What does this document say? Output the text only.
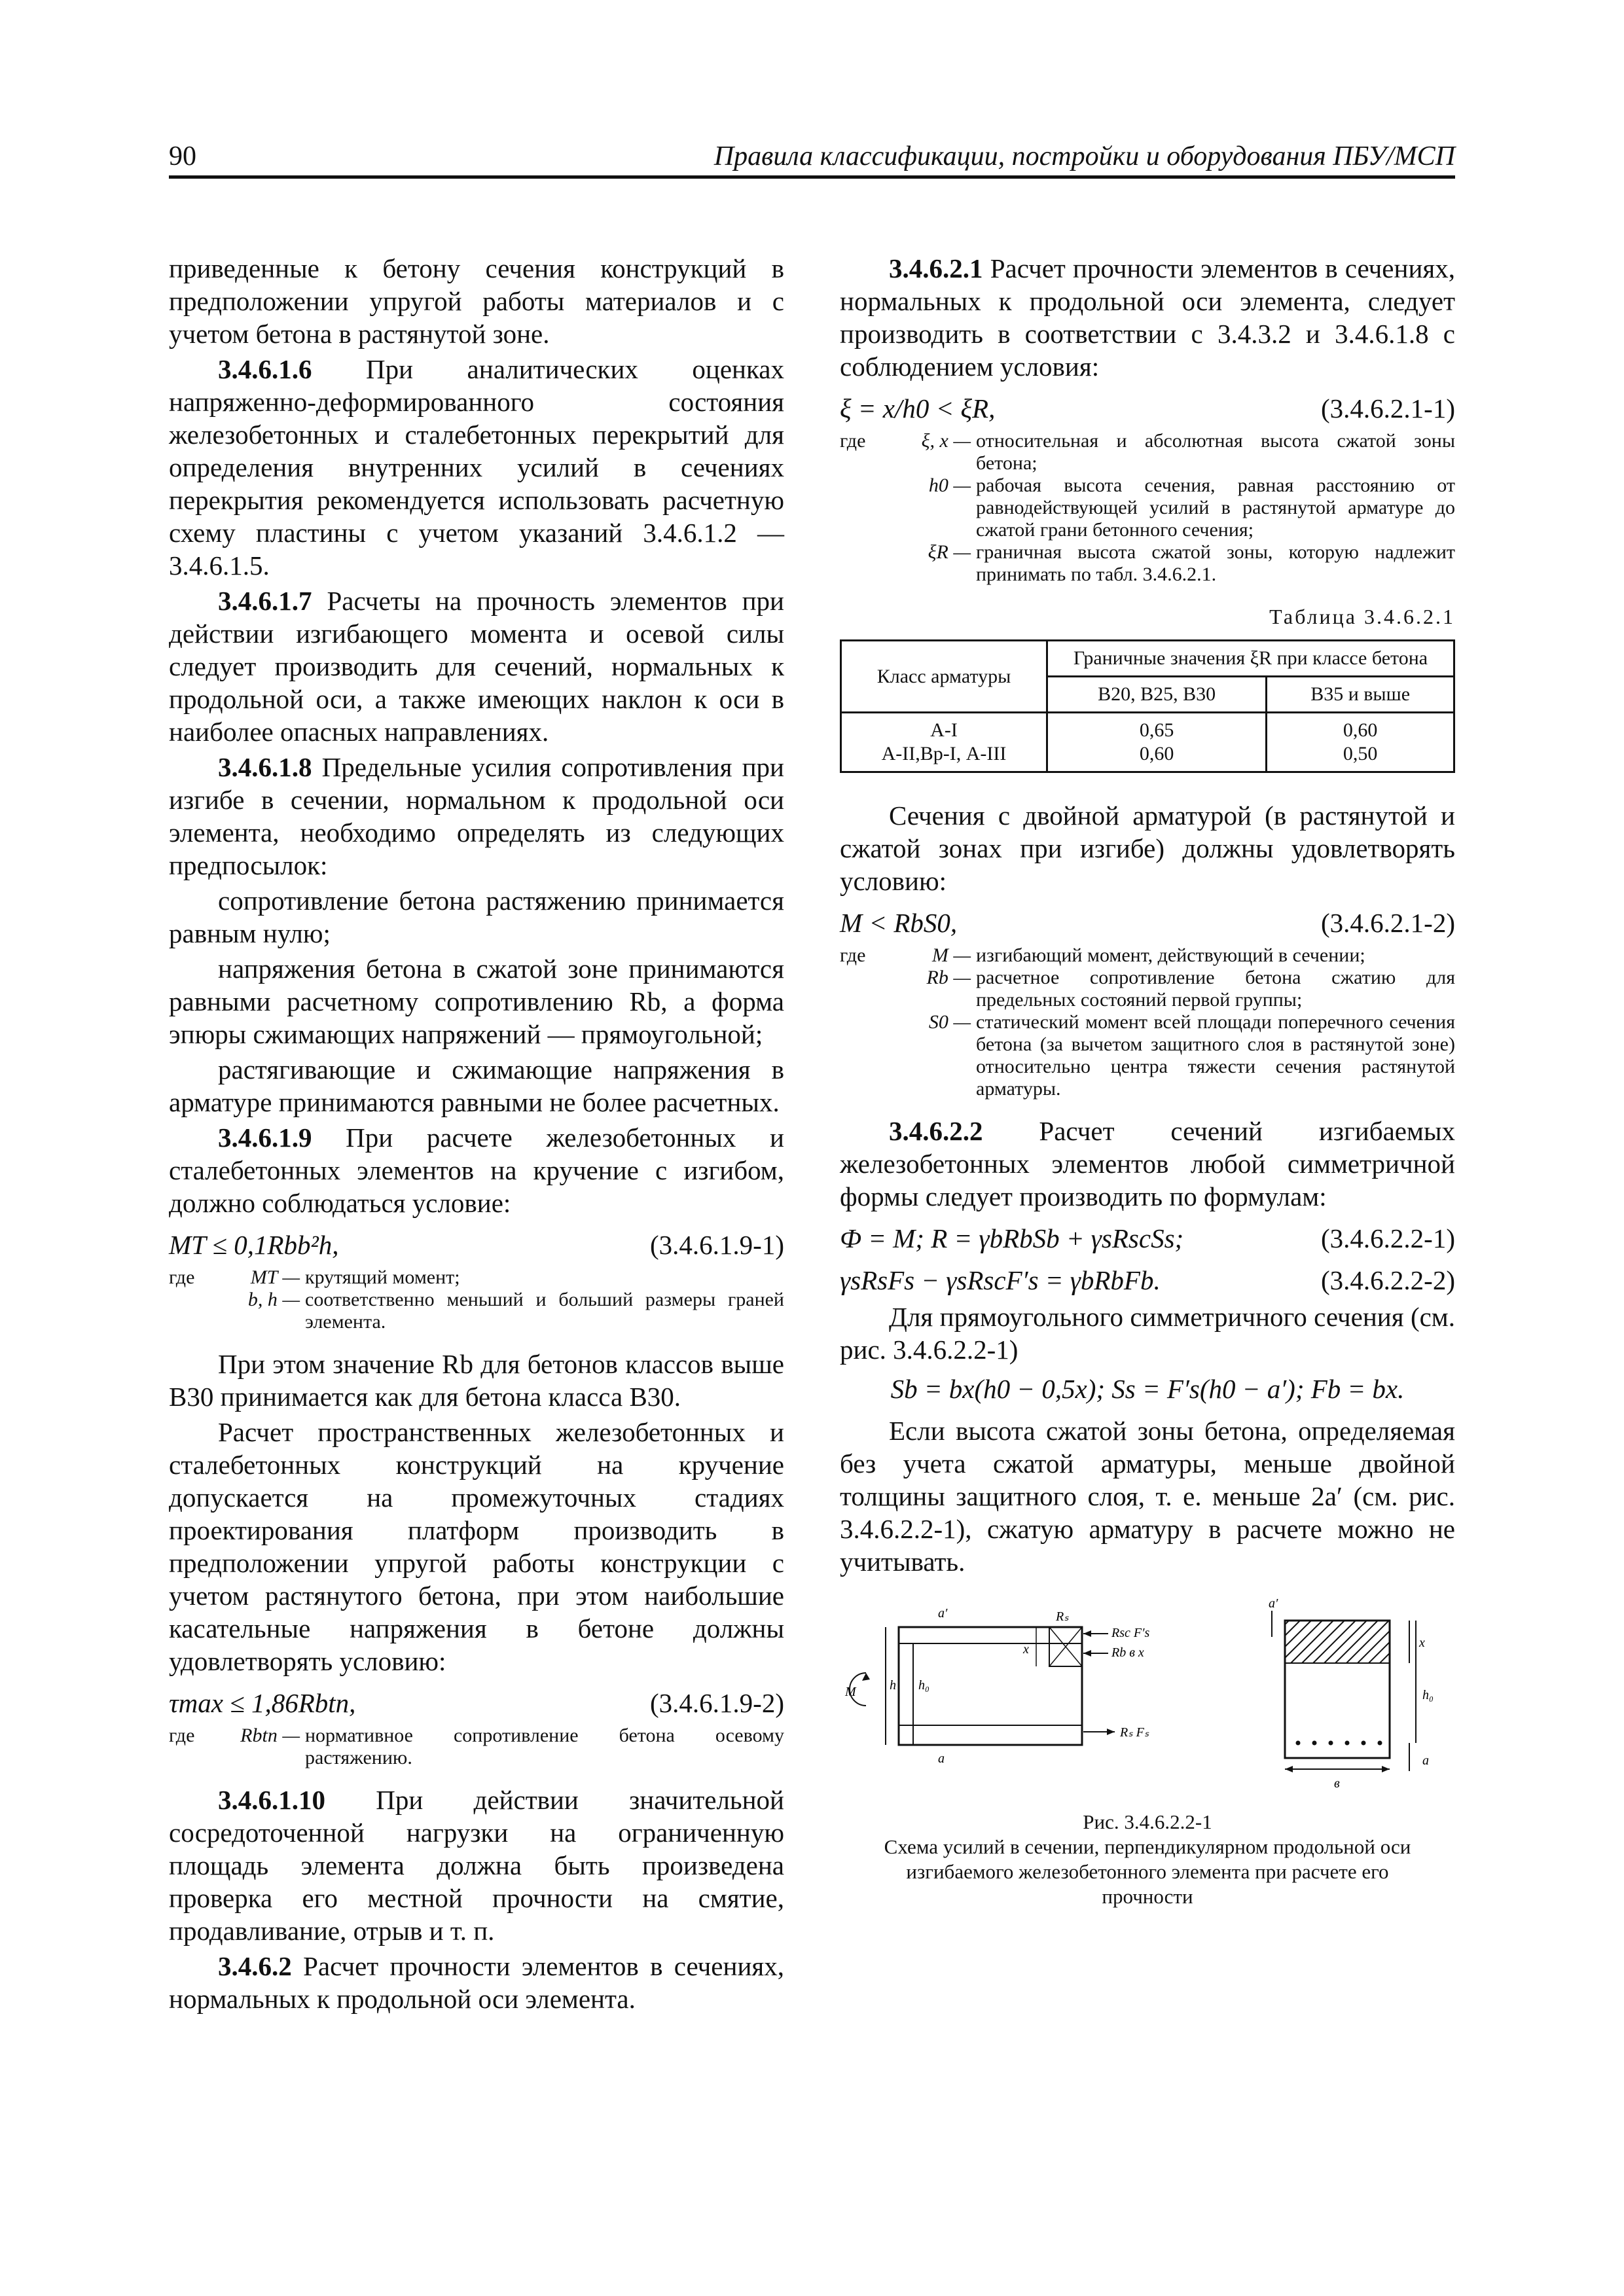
90	Правила классификации, постройки и оборудования ПБУ/МСП

приведенные к бетону сечения конструкций в предположении упругой работы материалов и с учетом бетона в растянутой зоне.

3.4.6.1.6 При аналитических оценках напряженно-деформированного состояния железобетонных и сталебетонных перекрытий для определения внутренних усилий в сечениях перекрытия рекомендуется использовать расчетную схему пластины с учетом указаний 3.4.6.1.2 — 3.4.6.1.5.

3.4.6.1.7 Расчеты на прочность элементов при действии изгибающего момента и осевой силы следует производить для сечений, нормальных к продольной оси, а также имеющих наклон к оси в наиболее опасных направлениях.

3.4.6.1.8 Предельные усилия сопротивления при изгибе в сечении, нормальном к продольной оси элемента, необходимо определять из следующих предпосылок:

сопротивление бетона растяжению принимается равным нулю;

напряжения бетона в сжатой зоне принимаются равными расчетному сопротивлению Rb, а форма эпюры сжимающих напряжений — прямоугольной;

растягивающие и сжимающие напряжения в арматуре принимаются равными не более расчетных.

3.4.6.1.9 При расчете железобетонных и сталебетонных элементов на кручение с изгибом, должно соблюдаться условие:

MT ≤ 0,1Rbb²h,	(3.4.6.1.9-1)
где	MT — крутящий момент;
b, h — соответственно меньший и больший размеры граней элемента.

При этом значение Rb для бетонов классов выше В30 принимается как для бетона класса В30.

Расчет пространственных железобетонных и сталебетонных конструкций на кручение допускается на промежуточных стадиях проектирования платформ производить в предположении упругой работы конструкции с учетом растянутого бетона, при этом наибольшие касательные напряжения в бетоне должны удовлетворять условию:

τmax ≤ 1,86Rbtn,	(3.4.6.1.9-2)
где	Rbtn — нормативное сопротивление бетона осевому растяжению.

3.4.6.1.10 При действии значительной сосредоточенной нагрузки на ограниченную площадь элемента должна быть произведена проверка его местной прочности на смятие, продавливание, отрыв и т. п.

3.4.6.2 Расчет прочности элементов в сечениях, нормальных к продольной оси элемента.

3.4.6.2.1 Расчет прочности элементов в сечениях, нормальных к продольной оси элемента, следует производить в соответствии с 3.4.3.2 и 3.4.6.1.8 с соблюдением условия:

ξ = x/h0 < ξR,	(3.4.6.2.1-1)
где	ξ, x — относительная и абсолютная высота сжатой зоны бетона;
h0 — рабочая высота сечения, равная расстоянию от равнодействующей усилий в растянутой арматуре до сжатой грани бетонного сечения;
ξR — граничная высота сжатой зоны, которую надлежит принимать по табл. 3.4.6.2.1.
Таблица 3.4.6.2.1
Класс арматуры	Граничные значения ξR при классе бетона	
	В20, В25, В30	В35 и выше
А-I	0,65	0,60
А-II,Bp-I, А-III	0,60	0,50

Сечения с двойной арматурой (в растянутой и сжатой зонах при изгибе) должны удовлетворять условию:

M < RbS0,	(3.4.6.2.1-2)
где	M — изгибающий момент, действующий в сечении;
Rb — расчетное сопротивление бетона сжатию для предельных состояний первой группы;
S0 — статический момент всей площади поперечного сечения бетона (за вычетом защитного слоя в растянутой зоне) относительно центра тяжести сечения растянутой арматуры.

3.4.6.2.2 Расчет сечений изгибаемых железобетонных элементов любой симметричной формы следует производить по формулам:

Ф = M; R = γbRbSb + γsRscSs;	(3.4.6.2.2-1)
γsRsFs − γsRscF′s = γbRbFb.	(3.4.6.2.2-2)

Для прямоугольного симметричного сечения (см. рис. 3.4.6.2.2-1)

Sb = bx(h0 − 0,5x); Ss = F′s(h0 − a′); Fb = bx.

Если высота сжатой зоны бетона, определяемая без учета сжатой арматуры, меньше двойной толщины защитного слоя, т. е. меньше 2a′ (см. рис. 3.4.6.2.2-1), сжатую арматуру в расчете можно не учитывать.

a′	Rₛ
Rsc F′s
Rb в x
x
M	h h₀
a
Rₛ Fₛ
a′
x
h₀
в
a
Рис. 3.4.6.2.2-1
Схема усилий в сечении, перпендикулярном продольной оси изгибаемого железобетонного элемента при расчете его прочности
